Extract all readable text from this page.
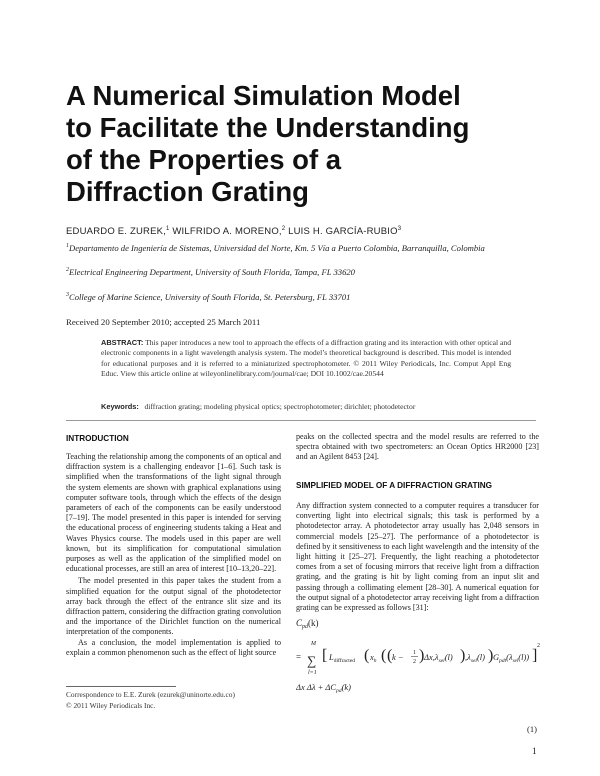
A Numerical Simulation Model
to Facilitate the Understanding
of the Properties of a
Diffraction Grating
EDUARDO E. ZUREK,$^1$ WILFRIDO A. MORENO,$^2$ LUIS H. GARCÍA-RUBIO$^3$
$^1$Departamento de Ingeniería de Sistemas, Universidad del Norte, Km. 5 Vía a Puerto Colombia, Barranquilla, Colombia
$^2$Electrical Engineering Department, University of South Florida, Tampa, FL 33620
$^3$College of Marine Science, University of South Florida, St. Petersburg, FL 33701
Received 20 September 2010; accepted 25 March 2011
ABSTRACT: This paper introduces a new tool to approach the effects of a diffraction grating and its interaction with other optical and electronic components in a light wavelength analysis system. The model’s theoretical background is described. This model is intended for educational purposes and it is referred to a miniaturized spectrophotometer. © 2011 Wiley Periodicals, Inc. Comput Appl Eng Educ. View this article online at wileyonlinelibrary.com/journal/cae; DOI 10.1002/cae.20544
Keywords: diffraction grating; modeling physical optics; spectrophotometer; dirichlet; photodetector
INTRODUCTION

Teaching the relationship among the components of an optical and diffraction system is a challenging endeavor [1–6]. Such task is simplified when the transformations of the light signal through the system elements are shown with graphical explanations using computer software tools, through which the effects of the design parameters of each of the components can be easily understood [7–19]. The model presented in this paper is intended for serving the educational process of engineering students taking a Heat and Waves Physics course. The models used in this paper are well known, but its simplification for computational simulation purposes as well as the application of the simplified model on educational processes, are still an area of interest [10–13,20–22].

The model presented in this paper takes the student from a simplified equation for the output signal of the photodetector array back through the effect of the entrance slit size and its diffraction pattern, considering the diffraction grating convolution and the importance of the Dirichlet function on the numerical interpretation of the components.

As a conclusion, the model implementation is applied to explain a common phenomenon such as the effect of light source

peaks on the collected spectra and the model results are referred to the spectra obtained with two spectrometers: an Ocean Optics HR2000 [23] and an Agilent 8453 [24].

SIMPLIFIED MODEL OF A DIFFRACTION GRATING

Any diffraction system connected to a computer requires a transducer for converting light into electrical signals; this task is performed by a photodetector array. A photodetector array usually has 2,048 sensors in commercial models [25–27]. The performance of a photodetector is defined by it sensitiveness to each light wavelength and the intensity of the light hitting it [25–27]. Frequently, the light reaching a photodetector comes from a set of focusing mirrors that receive light from a diffraction grating, and the grating is hit by light coming from an input slit and passing through a collimating element [28–30]. A numerical equation for the output signal of a photodetector array receiving light from a diffraction grating can be expressed as follows [31]:

$C_{pd}(k)$
=
M
∑
l=1
[ $L_{diffracted}$ ( $x_h$ ( ( k − 1
2 ) $\Delta x,\lambda_{sel}(l)$ ) $,\lambda_{sel}(l)$ ) $G_{pdt}(\lambda_{sel}(l))$ ]
2
Δx $\Delta\lambda + \Delta C_{pd}(k)$
(1)
Correspondence to E.E. Zurek (ezurek@uninorte.edu.co)
© 2011 Wiley Periodicals Inc.
1
